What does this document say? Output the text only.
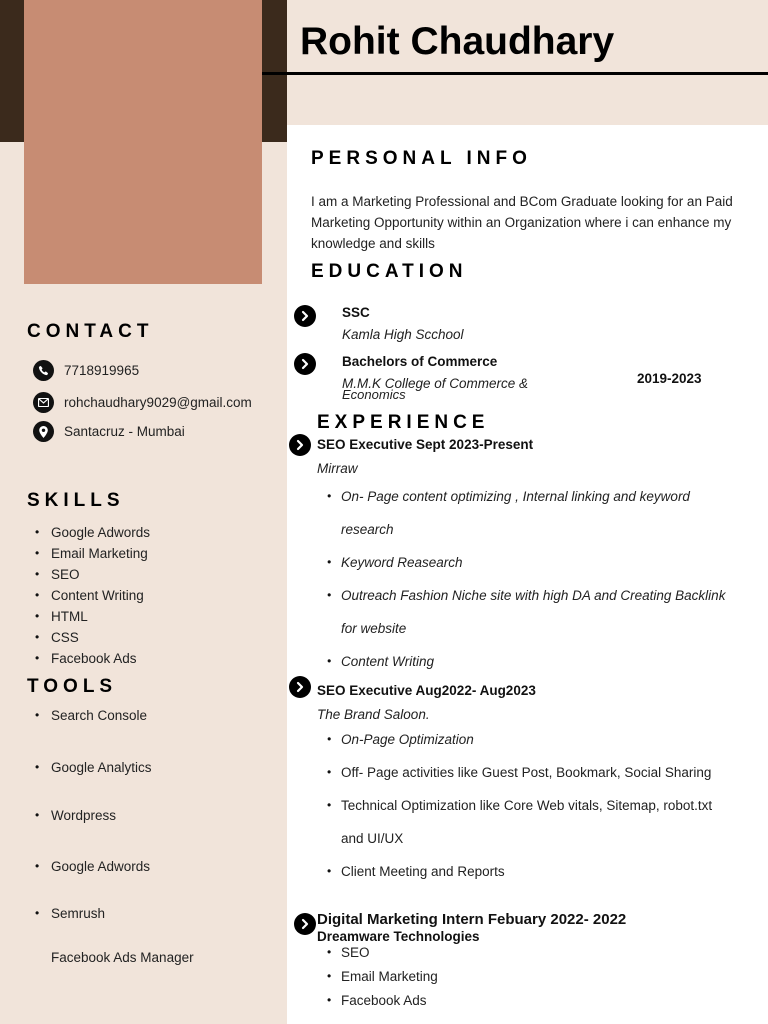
Rohit Chaudhary
PERSONAL INFO
I am a Marketing Professional and BCom Graduate looking for an Paid Marketing Opportunity within an Organization where i can enhance my knowledge and skills
EDUCATION
SSC
Kamla High Scchool
Bachelors of Commerce
M.M.K College of Commerce &
Economics
2019-2023
EXPERIENCE
SEO Executive Sept 2023-Present
Mirraw
• On- Page content optimizing , Internal linking and keyword
research
• Keyword Reasearch
• Outreach Fashion Niche site with high DA and Creating Backlink
for website
• Content Writing
SEO Executive Aug2022- Aug2023
The Brand Saloon.
• On-Page Optimization
• Off- Page activities like Guest Post, Bookmark, Social Sharing
• Technical Optimization like Core Web vitals, Sitemap, robot.txt
and UI/UX
• Client Meeting and Reports
Digital Marketing Intern Febuary 2022- 2022
Dreamware Technologies
• SEO
• Email Marketing
• Facebook Ads
CONTACT
7718919965
rohchaudhary9029@gmail.com
Santacruz - Mumbai
SKILLS
• Google Adwords
• Email Marketing
• SEO
• Content Writing
• HTML
• CSS
• Facebook Ads
TOOLS
• Search Console
• Google Analytics
• Wordpress
• Google Adwords
• Semrush
Facebook Ads Manager
